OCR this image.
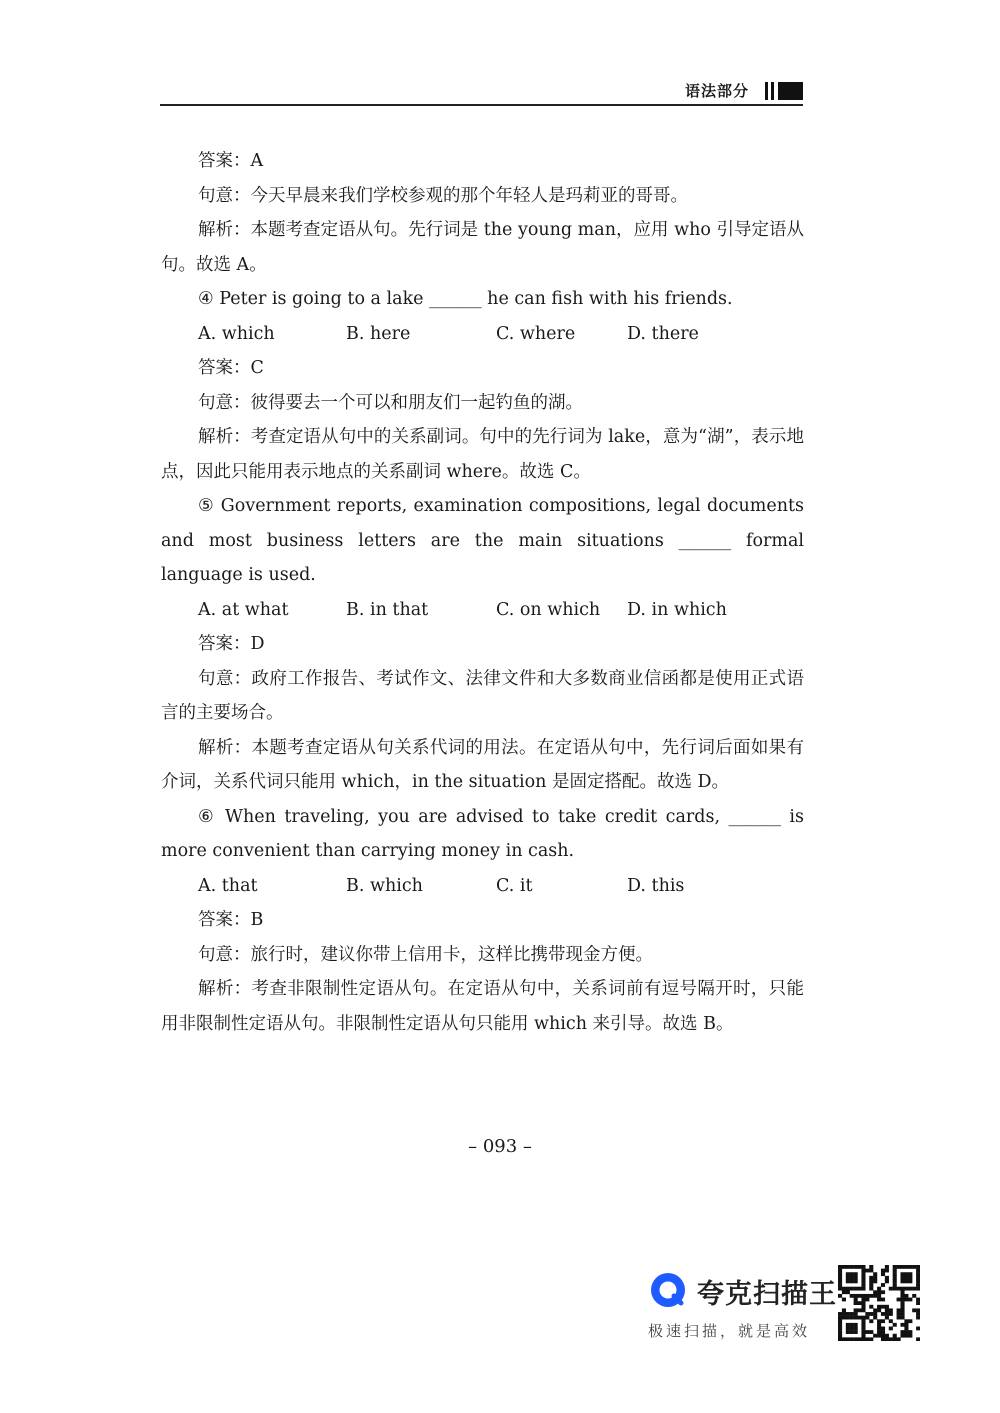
语法部分

答案：A

句意：今天早晨来我们学校参观的那个年轻人是玛莉亚的哥哥。

解析：本题考查定语从句。先行词是 the young man，应用 who 引导定语从句。故选 A。

④ Peter is going to a lake ______ he can fish with his friends.

A. which	B. here	C. where	D. there

答案：C

句意：彼得要去一个可以和朋友们一起钓鱼的湖。

解析：考查定语从句中的关系副词。句中的先行词为 lake，意为“湖”，表示地点，因此只能用表示地点的关系副词 where。故选 C。

⑤ Government reports, examination compositions, legal documents and most business letters are the main situations ______ formal language is used.

A. at what	B. in that	C. on which	D. in which

答案：D

句意：政府工作报告、考试作文、法律文件和大多数商业信函都是使用正式语言的主要场合。

解析：本题考查定语从句关系代词的用法。在定语从句中，先行词后面如果有介词，关系代词只能用 which，in the situation 是固定搭配。故选 D。

⑥ When traveling, you are advised to take credit cards, ______ is more convenient than carrying money in cash.

A. that	B. which	C. it	D. this

答案：B

句意：旅行时，建议你带上信用卡，这样比携带现金方便。

解析：考查非限制性定语从句。在定语从句中，关系词前有逗号隔开时，只能用非限制性定语从句。非限制性定语从句只能用 which 来引导。故选 B。

– 093 –
夸克扫描王
极速扫描，就是高效
